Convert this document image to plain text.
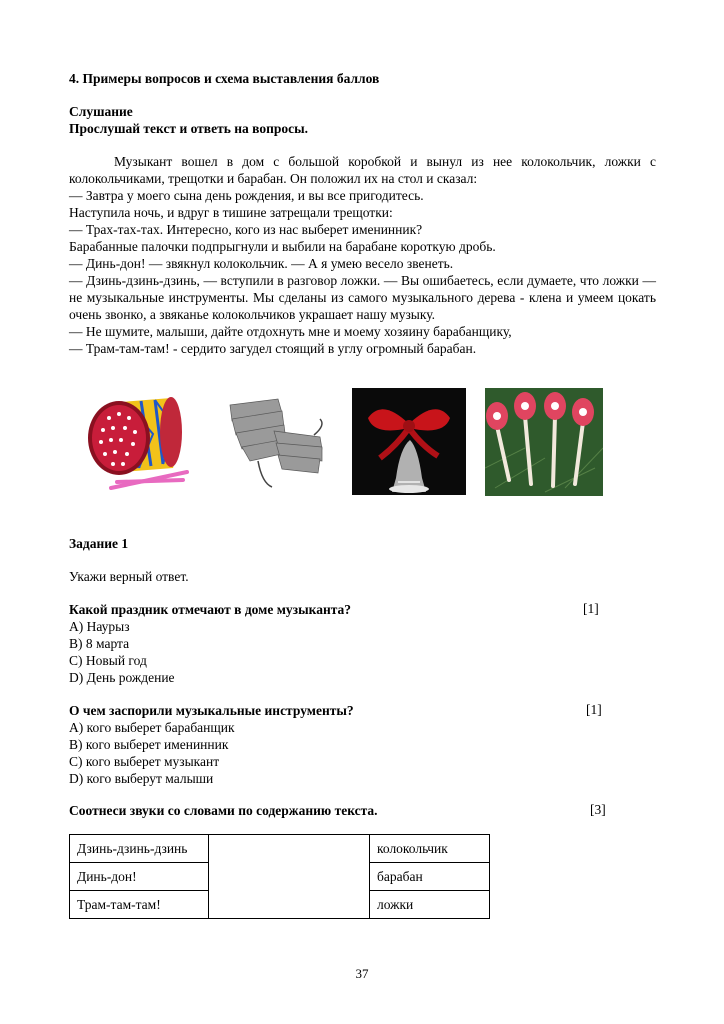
4. Примеры вопросов и схема выставления баллов
Слушание
Прослушай текст и ответь на вопросы.
Музыкант вошел в дом с большой коробкой и вынул из нее колокольчик, ложки с колокольчиками, трещотки и барабан. Он положил их на стол и сказал:
— Завтра у моего сына день рождения, и вы все пригодитесь.
Наступила ночь, и вдруг в тишине затрещали трещотки:
— Трах-тах-тах. Интересно, кого из нас выберет именинник?
Барабанные палочки подпрыгнули и выбили на барабане короткую дробь.
— Динь-дон! — звякнул колокольчик. — А я умею весело звенеть.
— Дзинь-дзинь-дзинь, — вступили в разговор ложки. — Вы ошибаетесь, если думаете, что ложки — не музыкальные инструменты. Мы сделаны из самого музыкального дерева - клена и умеем цокать очень звонко, а звяканье колокольчиков украшает нашу музыку.
— Не шумите, малыши, дайте отдохнуть мне и моему хозяину барабанщику,
— Трам-там-там! - сердито загудел стоящий в углу огромный барабан.
Задание 1
Укажи верный ответ.
Какой праздник отмечают в доме музыканта?	[1]
А) Наурыз
В) 8 марта
С) Новый год
D) День рождение
О чем заспорили музыкальные инструменты?	[1]
А) кого выберет барабанщик
В) кого выберет именинник
С) кого выберет музыкант
D) кого выберут малыши
Соотнеси звуки со словами по содержанию текста.	[3]
Дзинь-дзинь-дзинь		колокольчик
Динь-дон!		барабан
Трам-там-там!		ложки
37
